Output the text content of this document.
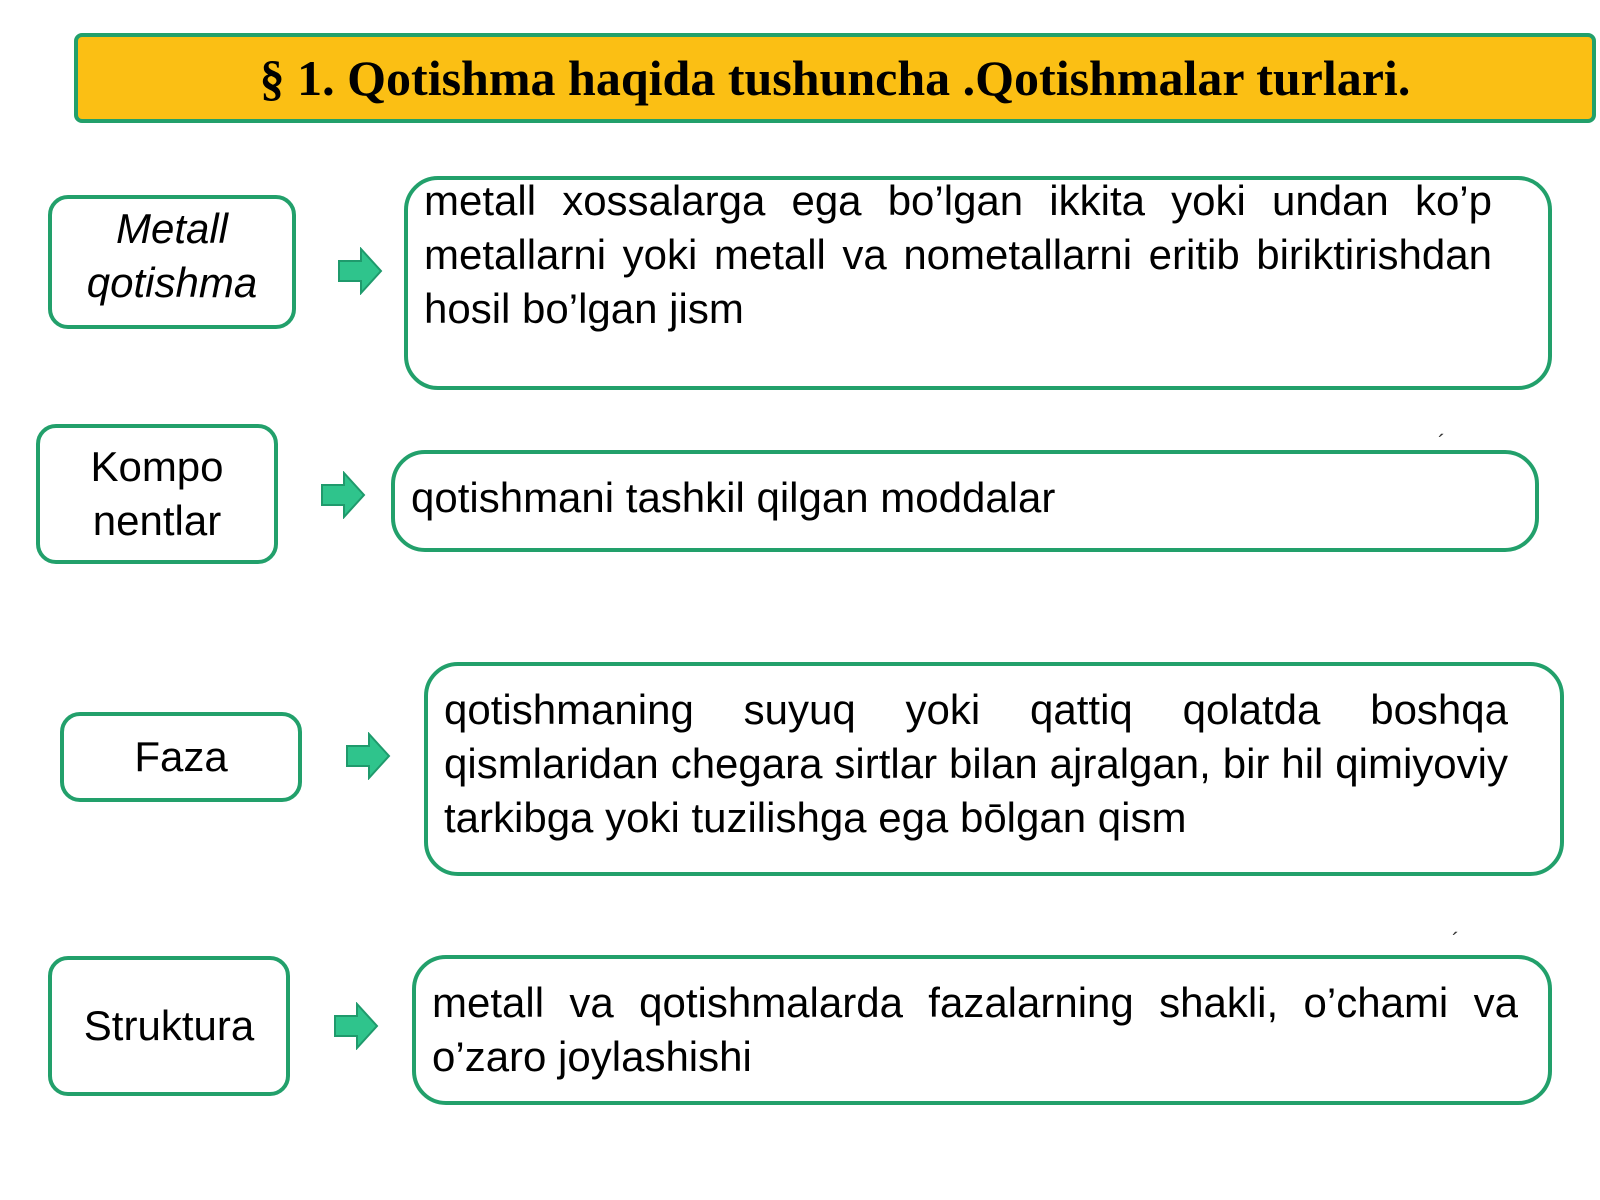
§ 1. Qotishma haqida tushuncha .Qotishmalar turlari.
Metall qotishma
metall xossalarga ega bo’lgan ikkita yoki undan ko’p metallarni yoki metall va nometallarni eritib biriktirishdan hosil bo’lgan jism
Kompo nentlar	qotishmani tashkil qilgan moddalar
´
Faza
qotishmaning suyuq yoki qattiq qolatda boshqa qismlaridan chegara sirtlar bilan ajralgan, bir hil qimiyoviy tarkibga yoki tuzilishga ega bōlgan qism
Struktura	metall va qotishmalarda fazalarning shakli, o’chami va o’zaro joylashishi
´
